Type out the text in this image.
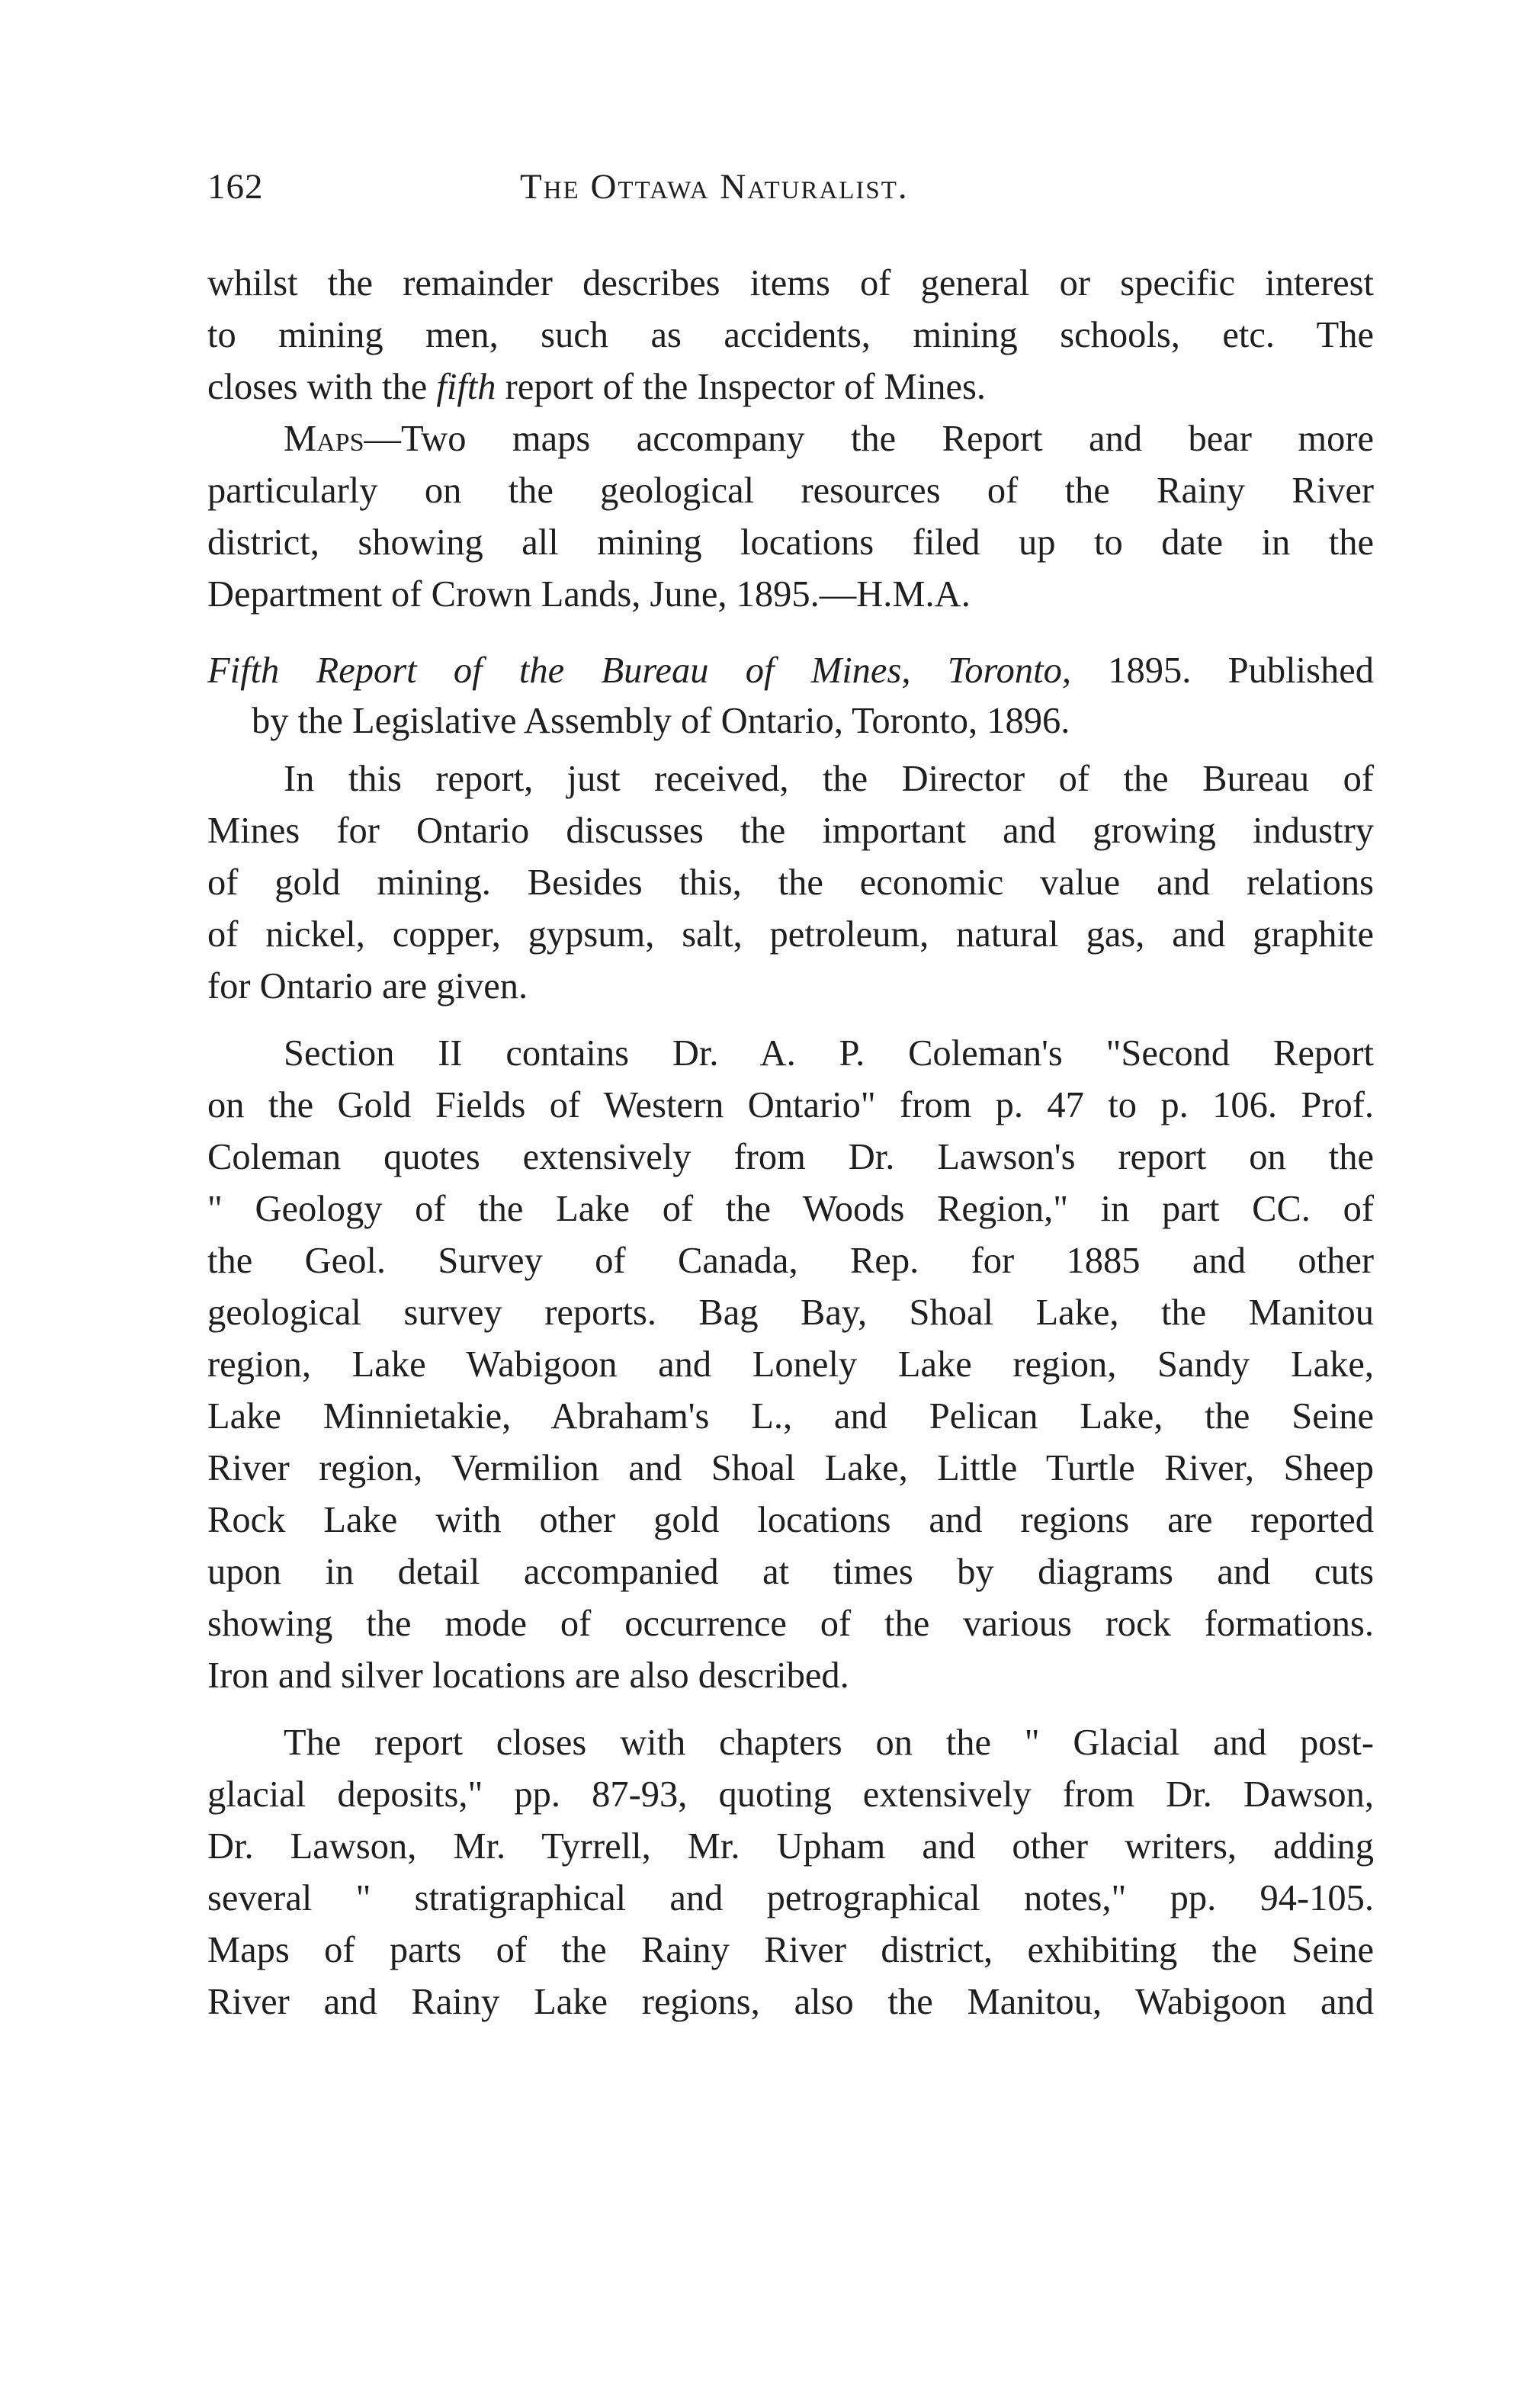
162	The Ottawa Naturalist.
whilst the remainder describes items of general or specific interest
to mining men, such as accidents, mining schools, etc. The
closes with the fifth report of the Inspector of Mines.
Maps—Two maps accompany the Report and bear more
particularly on the geological resources of the Rainy River
district, showing all mining locations filed up to date in the
Department of Crown Lands, June, 1895.—H.M.A.
Fifth Report of the Bureau of Mines, Toronto, 1895. Published
by the Legislative Assembly of Ontario, Toronto, 1896.
In this report, just received, the Director of the Bureau of
Mines for Ontario discusses the important and growing industry
of gold mining. Besides this, the economic value and relations
of nickel, copper, gypsum, salt, petroleum, natural gas, and graphite
for Ontario are given.
Section II contains Dr. A. P. Coleman's "Second Report
on the Gold Fields of Western Ontario" from p. 47 to p. 106. Prof.
Coleman quotes extensively from Dr. Lawson's report on the
" Geology of the Lake of the Woods Region," in part CC. of
the Geol. Survey of Canada, Rep. for 1885 and other
geological survey reports. Bag Bay, Shoal Lake, the Manitou
region, Lake Wabigoon and Lonely Lake region, Sandy Lake,
Lake Minnietakie, Abraham's L., and Pelican Lake, the Seine
River region, Vermilion and Shoal Lake, Little Turtle River, Sheep
Rock Lake with other gold locations and regions are reported
upon in detail accompanied at times by diagrams and cuts
showing the mode of occurrence of the various rock formations.
Iron and silver locations are also described.
The report closes with chapters on the " Glacial and post-
glacial deposits," pp. 87-93, quoting extensively from Dr. Dawson,
Dr. Lawson, Mr. Tyrrell, Mr. Upham and other writers, adding
several " stratigraphical and petrographical notes," pp. 94-105.
Maps of parts of the Rainy River district, exhibiting the Seine
River and Rainy Lake regions, also the Manitou, Wabigoon and
